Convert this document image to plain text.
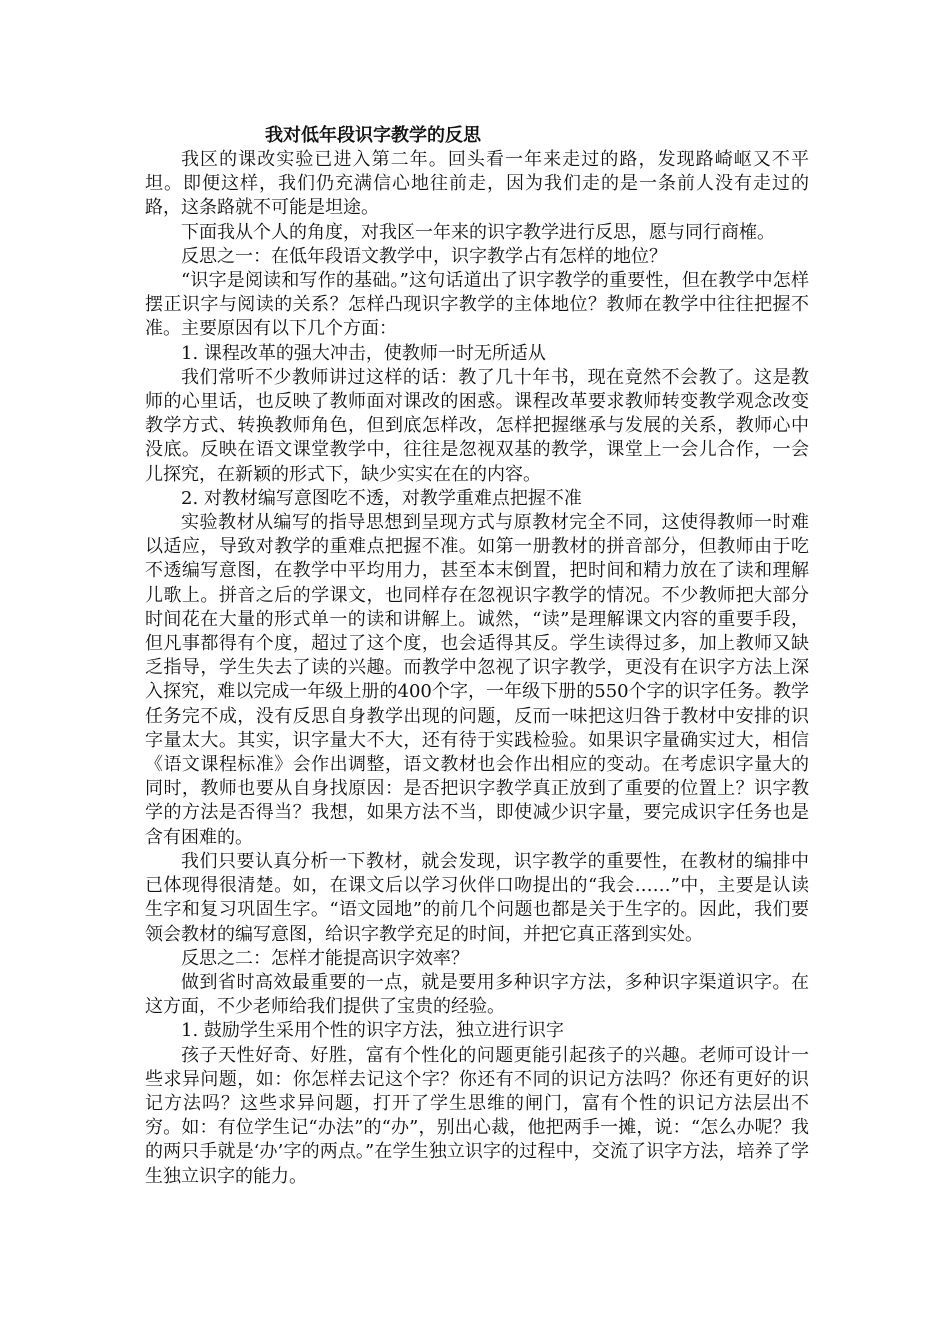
我对低年段识字教学的反思

我区的课改实验已进入第二年。回头看一年来走过的路，发现路崎岖又不平坦。即便这样，我们仍充满信心地往前走，因为我们走的是一条前人没有走过的路，这条路就不可能是坦途。

下面我从个人的角度，对我区一年来的识字教学进行反思，愿与同行商榷。

反思之一：在低年段语文教学中，识字教学占有怎样的地位？

“识字是阅读和写作的基础。”这句话道出了识字教学的重要性，但在教学中怎样摆正识字与阅读的关系？怎样凸现识字教学的主体地位？教师在教学中往往把握不准。主要原因有以下几个方面：

1. 课程改革的强大冲击，使教师一时无所适从

我们常听不少教师讲过这样的话：教了几十年书，现在竟然不会教了。这是教师的心里话，也反映了教师面对课改的困惑。课程改革要求教师转变教学观念改变教学方式、转换教师角色，但到底怎样改，怎样把握继承与发展的关系，教师心中没底。反映在语文课堂教学中，往往是忽视双基的教学，课堂上一会儿合作，一会儿探究，在新颖的形式下，缺少实实在在的内容。

2. 对教材编写意图吃不透，对教学重难点把握不准

实验教材从编写的指导思想到呈现方式与原教材完全不同，这使得教师一时难以适应，导致对教学的重难点把握不准。如第一册教材的拼音部分，但教师由于吃不透编写意图，在教学中平均用力，甚至本末倒置，把时间和精力放在了读和理解儿歌上。拼音之后的学课文，也同样存在忽视识字教学的情况。不少教师把大部分时间花在大量的形式单一的读和讲解上。诚然，“读”是理解课文内容的重要手段，但凡事都得有个度，超过了这个度，也会适得其反。学生读得过多，加上教师又缺乏指导，学生失去了读的兴趣。而教学中忽视了识字教学，更没有在识字方法上深入探究，难以完成一年级上册的400个字，一年级下册的550个字的识字任务。教学任务完不成，没有反思自身教学出现的问题，反而一味把这归咎于教材中安排的识字量太大。其实，识字量大不大，还有待于实践检验。如果识字量确实过大，相信《语文课程标准》会作出调整，语文教材也会作出相应的变动。在考虑识字量大的同时，教师也要从自身找原因：是否把识字教学真正放到了重要的位置上？识字教学的方法是否得当？我想，如果方法不当，即使减少识字量，要完成识字任务也是含有困难的。

我们只要认真分析一下教材，就会发现，识字教学的重要性，在教材的编排中已体现得很清楚。如，在课文后以学习伙伴口吻提出的“我会……”中，主要是认读生字和复习巩固生字。“语文园地”的前几个问题也都是关于生字的。因此，我们要领会教材的编写意图，给识字教学充足的时间，并把它真正落到实处。

反思之二：怎样才能提高识字效率？

做到省时高效最重要的一点，就是要用多种识字方法，多种识字渠道识字。在这方面，不少老师给我们提供了宝贵的经验。

1. 鼓励学生采用个性的识字方法，独立进行识字

孩子天性好奇、好胜，富有个性化的问题更能引起孩子的兴趣。老师可设计一些求异问题，如：你怎样去记这个字？你还有不同的识记方法吗？你还有更好的识记方法吗？这些求异问题，打开了学生思维的闸门，富有个性的识记方法层出不穷。如：有位学生记“办法”的“办”，别出心裁，他把两手一摊，说：“怎么办呢？我的两只手就是‘办’字的两点。”在学生独立识字的过程中，交流了识字方法，培养了学生独立识字的能力。
